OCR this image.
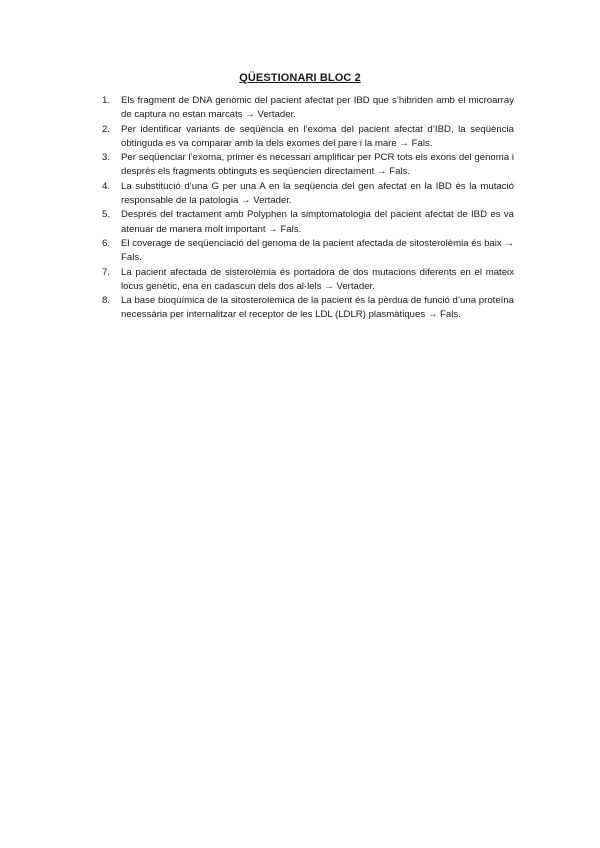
QÜESTIONARI BLOC 2
1. Els fragment de DNA genòmic del pacient afectat per IBD que s’hibriden amb el microarray de captura no estan marcats → Vertader.
2. Per identificar variants de seqüència en l’exoma del pacient afectat d’IBD, la seqüència obtinguda es va comparar amb la dels exomes del pare i la mare → Fals.
3. Per seqüenciar l’exoma, primer és necessari amplificar per PCR tots els exons del genoma i després els fragments obtinguts es seqüencien directament → Fals.
4. La substitució d’una G per una A en la seqüencia del gen afectat en la IBD és la mutació responsable de la patologia → Vertader.
5. Després del tractament amb Polyphen la simptomatologia del pacient afectat de IBD es va atenuar de manera molt important → Fals.
6. El coverage de seqüenciació del genoma de la pacient afectada de sitosterolèmia és baix → Fals.
7. La pacient afectada de sisterolèmia és portadora de dos mutacions diferents en el mateix locus genètic, ena en cadascun dels dos al·lels → Vertader.
8. La base bioquímica de la sitosterolèmica de la pacient és la pèrdua de funció d’una proteïna necessària per internalitzar el receptor de les LDL (LDLR) plasmàtiques → Fals.
